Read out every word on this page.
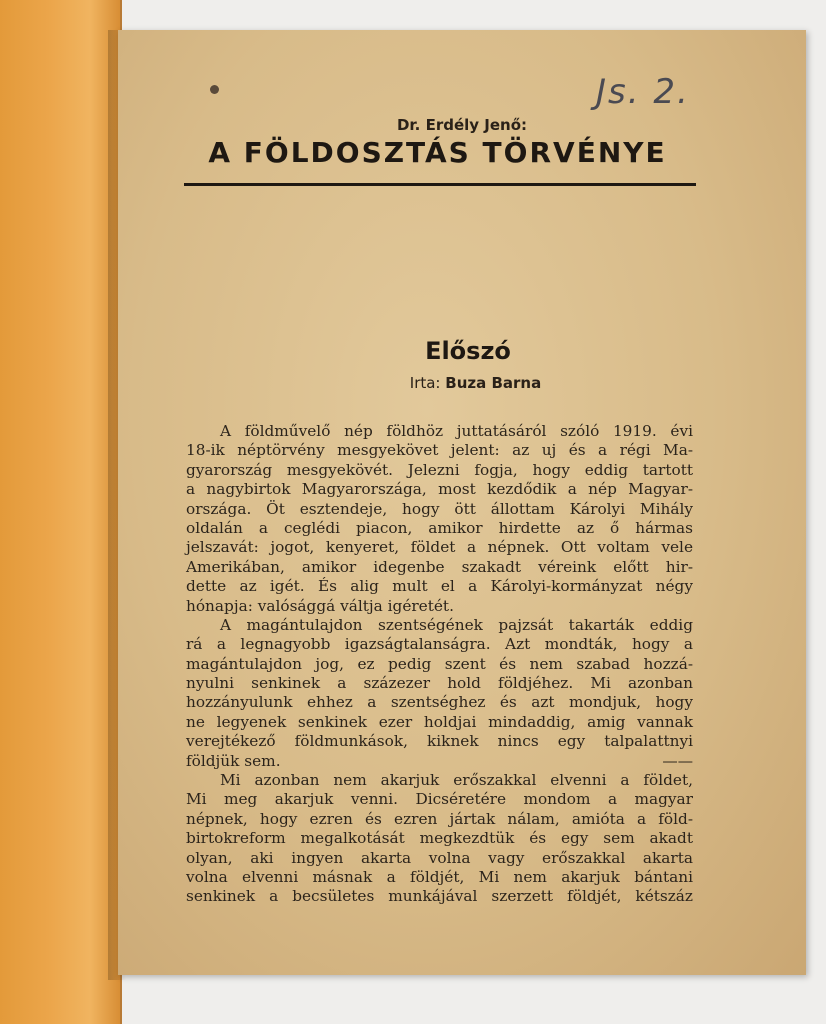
Js. 2.
Dr. Erdély Jenő:
A FÖLDOSZTÁS TÖRVÉNYE
Előszó
Irta: Buza Barna
A földművelő nép földhöz juttatásáról szóló 1919. évi
18-ik néptörvény mesgyekövet jelent: az uj és a régi Ma-
gyarország mesgyekövét. Jelezni fogja, hogy eddig tartott
a nagybirtok Magyarországa, most kezdődik a nép Magyar-
országa. Öt esztendeje, hogy ött állottam Károlyi Mihály
oldalán a ceglédi piacon, amikor hirdette az ő hármas
jelszavát: jogot, kenyeret, földet a népnek. Ott voltam vele
Amerikában, amikor idegenbe szakadt véreink előtt hir-
dette az igét. És alig mult el a Károlyi-kormányzat négy
hónapja: valósággá váltja igéretét.
A magántulajdon szentségének pajzsát takarták eddig
rá a legnagyobb igazságtalanságra. Azt mondták, hogy a
magántulajdon jog, ez pedig szent és nem szabad hozzá-
nyulni senkinek a százezer hold földjéhez. Mi azonban
hozzányulunk ehhez a szentséghez és azt mondjuk, hogy
ne legyenek senkinek ezer holdjai mindaddig, amig vannak
verejtékező földmunkások, kiknek nincs egy talpalattnyi
földjük sem.	——
Mi azonban nem akarjuk erőszakkal elvenni a földet,
Mi meg akarjuk venni. Dicséretére mondom a magyar
népnek, hogy ezren és ezren jártak nálam, amióta a föld-
birtokreform megalkotását megkezdtük és egy sem akadt
olyan, aki ingyen akarta volna vagy erőszakkal akarta
volna elvenni másnak a földjét, Mi nem akarjuk bántani
senkinek a becsületes munkájával szerzett földjét, kétszáz
